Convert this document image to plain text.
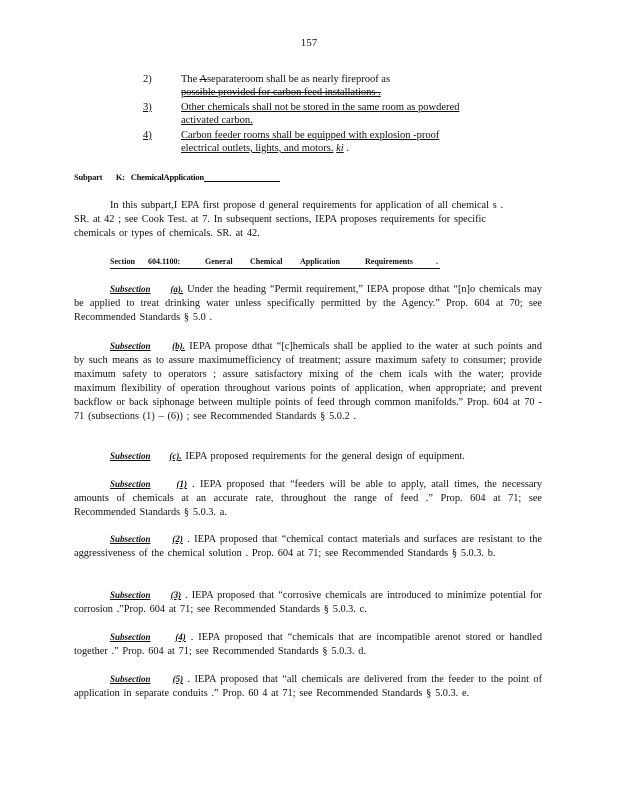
157
2)	The Aseparateroom shall be as nearly fireproof as
possible provided for carbon feed installations .
3)	Other chemicals shall not be stored in the same room as powdered
activated carbon.
4)	Carbon feeder rooms shall be equipped with explosion -proof
electrical outlets, lights, and motors. ki .
Subpart K: ChemicalApplication
In this subpart,I EPA first propose d general requirements for application of all chemical s .
SR. at 42 ; see Cook Test. at 7. In subsequent sections, IEPA proposes requirements for specific
chemicals or types of chemicals. SR. at 42.
Section 604.1100:	General Chemical Application	Requirements	.
Subsection (a). Under the heading “Permit requirement,” IEPA propose dthat “[n]o chemicals may be applied to treat drinking water unless specifically permitted by the Agency.” Prop. 604 at 70; see Recommended Standards § 5.0 .
Subsection (b). IEPA propose dthat “[c]hemicals shall be applied to the water at such points and by such means as to assure maximumefficiency of treatment; assure maximum safety to consumer; provide maximum safety to operators ; assure satisfactory mixing of the chem icals with the water; provide maximum flexibility of operation throughout various points of application, when appropriate; and prevent backflow or back siphonage between multiple points of feed through common manifolds.” Prop. 604 at 70 - 71 (subsections (1) – (6)) ; see Recommended Standards § 5.0.2 .
Subsection (c). IEPA proposed requirements for the general design of equipment.
Subsection	(1) . IEPA proposed that “feeders will be able to apply, atall times, the necessary amounts of chemicals at an accurate rate, throughout the range of feed .” Prop. 604 at 71; see Recommended Standards § 5.0.3. a.
Subsection (2) . IEPA proposed that “chemical contact materials and surfaces are resistant to the aggressiveness of the chemical solution . Prop. 604 at 71; see Recommended Standards § 5.0.3. b.
Subsection (3) . IEPA proposed that “corrosive chemicals are introduced to minimize potential for corrosion .”Prop. 604 at 71; see Recommended Standards § 5.0.3. c.
Subsection	(4) . IEPA proposed that “chemicals that are incompatible arenot stored or handled together .” Prop. 604 at 71; see Recommended Standards § 5.0.3. d.
Subsection (5) . IEPA proposed that “all chemicals are delivered from the feeder to the point of application in separate conduits .” Prop. 60 4 at 71; see Recommended Standards § 5.0.3. e.
